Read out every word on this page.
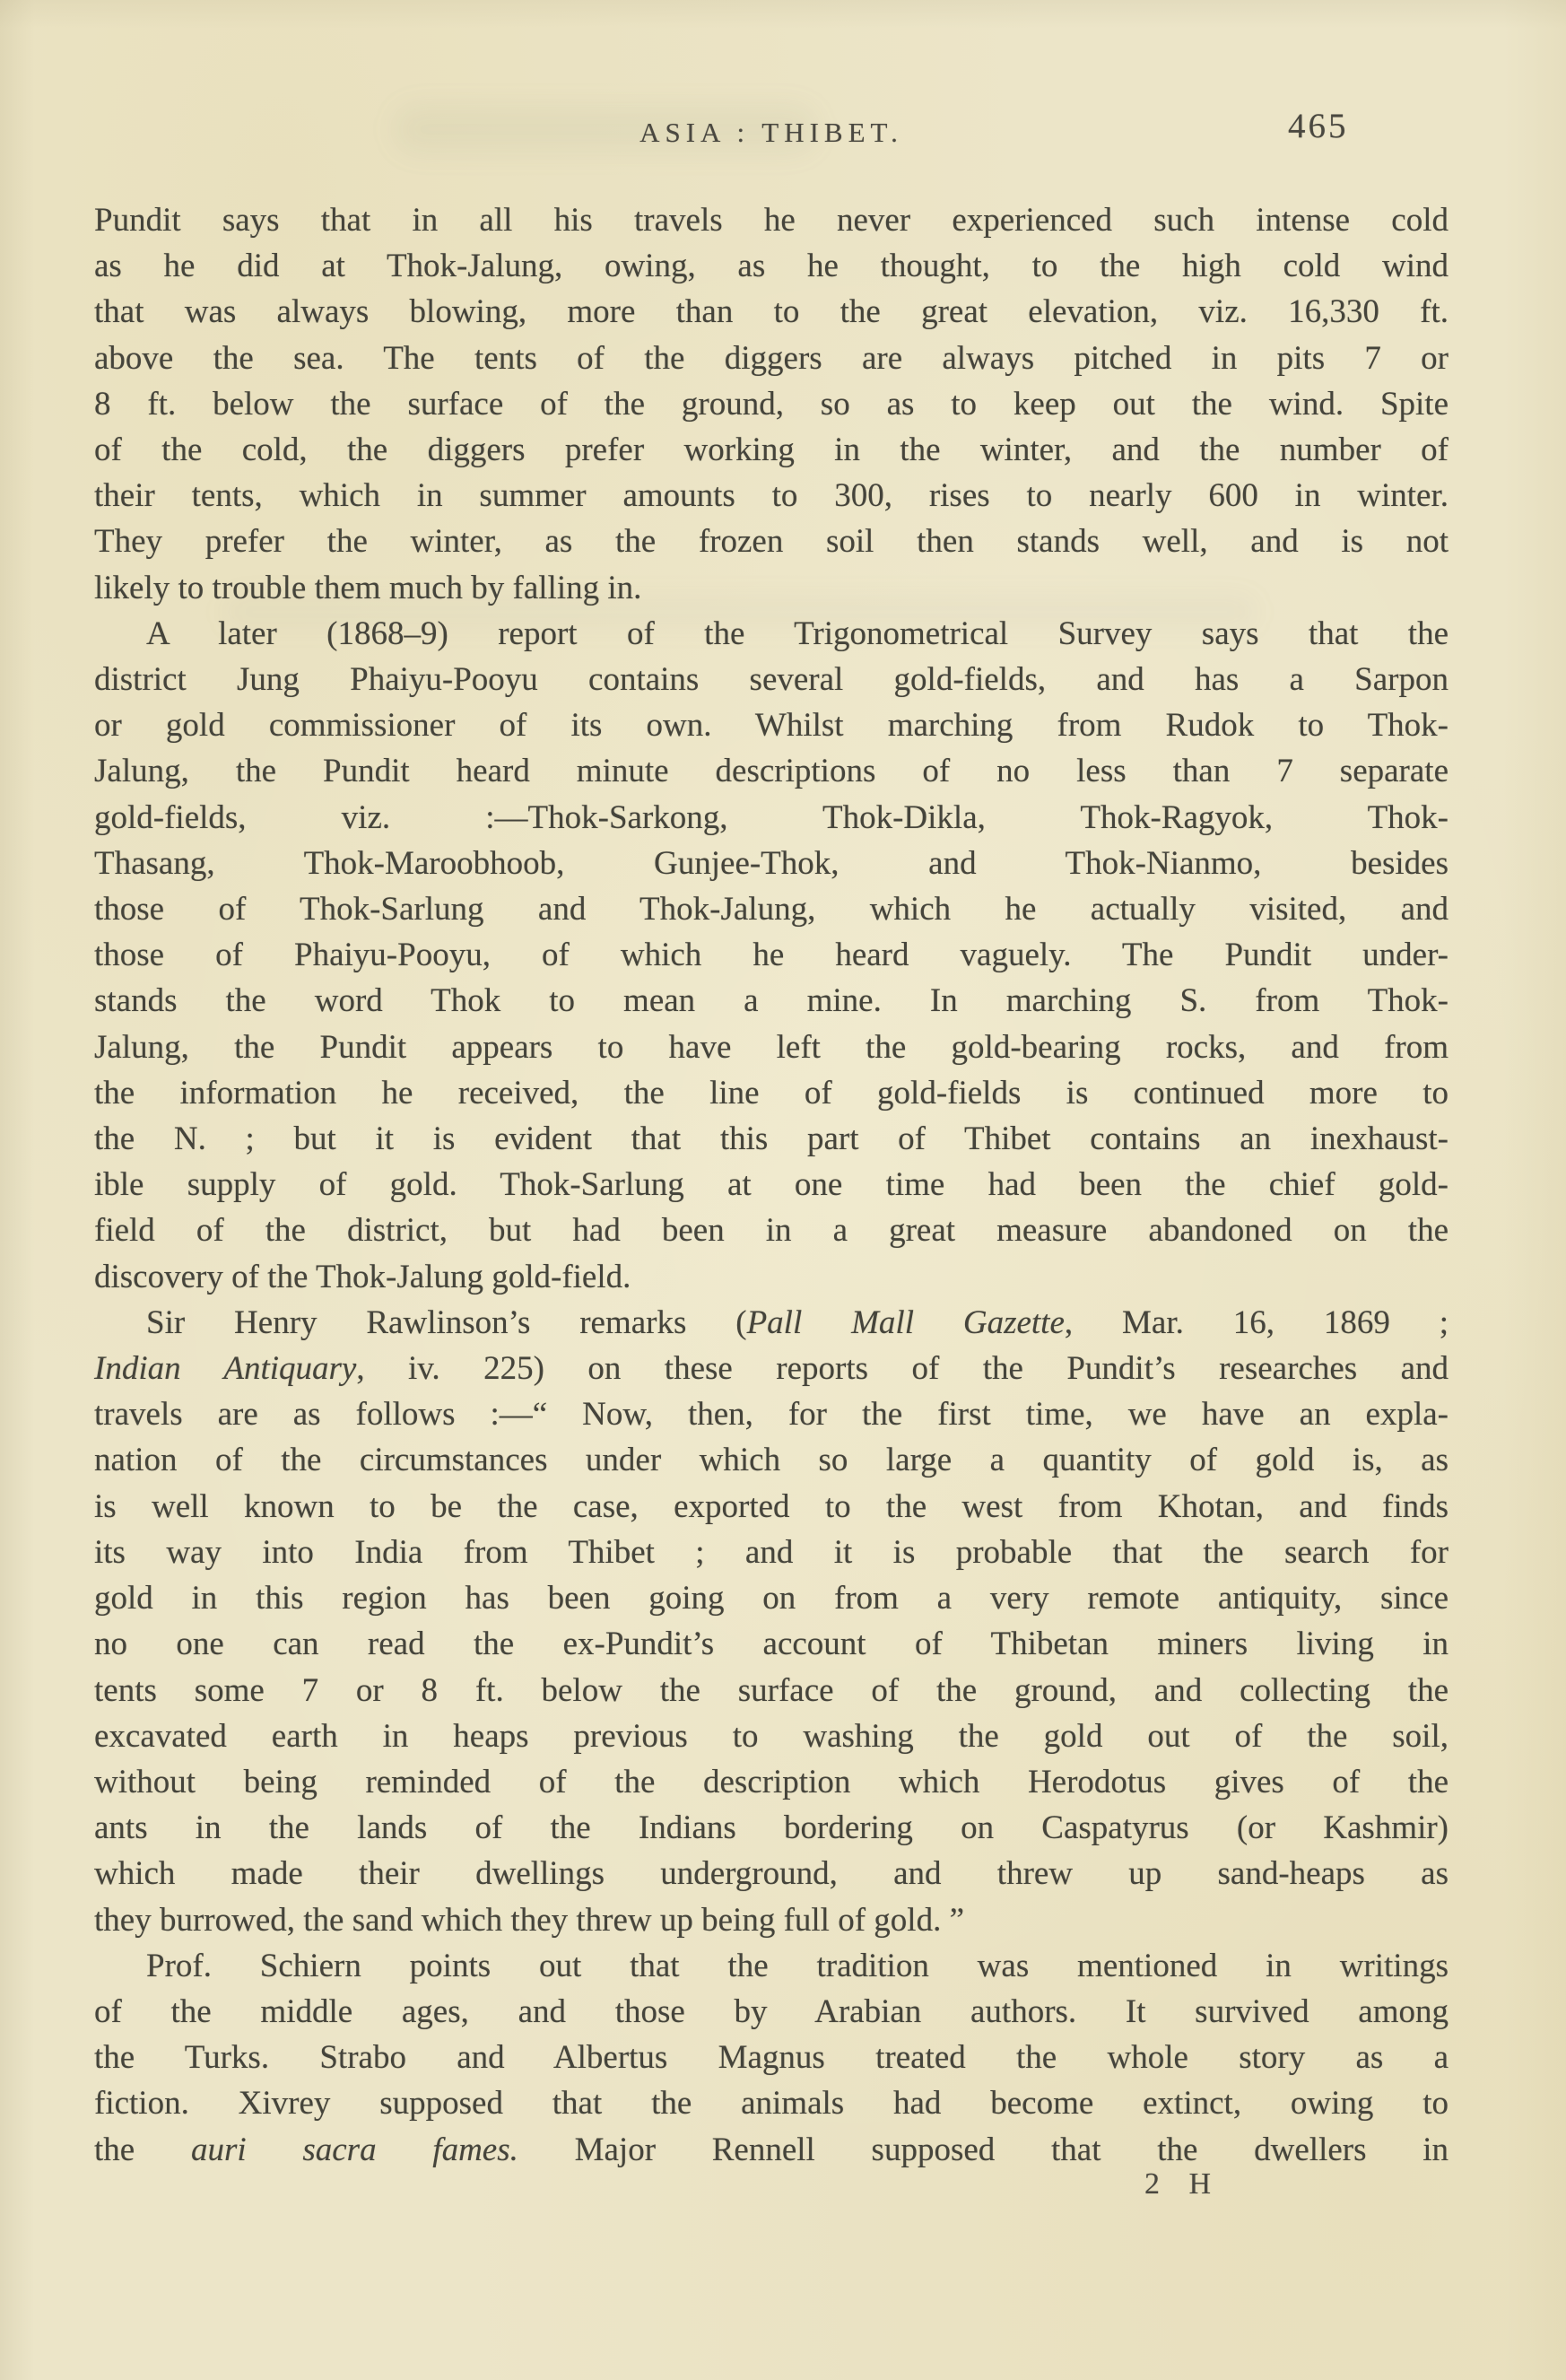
ASIA : THIBET.	465
Pundit says that in all his travels he never experienced such intense cold
as he did at Thok-Jalung, owing, as he thought, to the high cold wind
that was always blowing, more than to the great elevation, viz. 16,330 ft.
above the sea. The tents of the diggers are always pitched in pits 7 or
8 ft. below the surface of the ground, so as to keep out the wind. Spite
of the cold, the diggers prefer working in the winter, and the number of
their tents, which in summer amounts to 300, rises to nearly 600 in winter.
They prefer the winter, as the frozen soil then stands well, and is not
likely to trouble them much by falling in.
A later (1868–9) report of the Trigonometrical Survey says that the
district Jung Phaiyu-Pooyu contains several gold-fields, and has a Sarpon
or gold commissioner of its own. Whilst marching from Rudok to Thok-
Jalung, the Pundit heard minute descriptions of no less than 7 separate
gold-fields, viz. :—Thok-Sarkong, Thok-Dikla, Thok-Ragyok, Thok-
Thasang, Thok-Maroobhoob, Gunjee-Thok, and Thok-Nianmo, besides
those of Thok-Sarlung and Thok-Jalung, which he actually visited, and
those of Phaiyu-Pooyu, of which he heard vaguely. The Pundit under-
stands the word Thok to mean a mine. In marching S. from Thok-
Jalung, the Pundit appears to have left the gold-bearing rocks, and from
the information he received, the line of gold-fields is continued more to
the N. ; but it is evident that this part of Thibet contains an inexhaust-
ible supply of gold. Thok-Sarlung at one time had been the chief gold-
field of the district, but had been in a great measure abandoned on the
discovery of the Thok-Jalung gold-field.
Sir Henry Rawlinson’s remarks (Pall Mall Gazette, Mar. 16, 1869 ;
Indian Antiquary, iv. 225) on these reports of the Pundit’s researches and
travels are as follows :—“ Now, then, for the first time, we have an expla-
nation of the circumstances under which so large a quantity of gold is, as
is well known to be the case, exported to the west from Khotan, and finds
its way into India from Thibet ; and it is probable that the search for
gold in this region has been going on from a very remote antiquity, since
no one can read the ex-Pundit’s account of Thibetan miners living in
tents some 7 or 8 ft. below the surface of the ground, and collecting the
excavated earth in heaps previous to washing the gold out of the soil,
without being reminded of the description which Herodotus gives of the
ants in the lands of the Indians bordering on Caspatyrus (or Kashmir)
which made their dwellings underground, and threw up sand-heaps as
they burrowed, the sand which they threw up being full of gold. ”
Prof. Schiern points out that the tradition was mentioned in writings
of the middle ages, and those by Arabian authors. It survived among
the Turks. Strabo and Albertus Magnus treated the whole story as a
fiction. Xivrey supposed that the animals had become extinct, owing to
the auri sacra fames. Major Rennell supposed that the dwellers in
2 H
